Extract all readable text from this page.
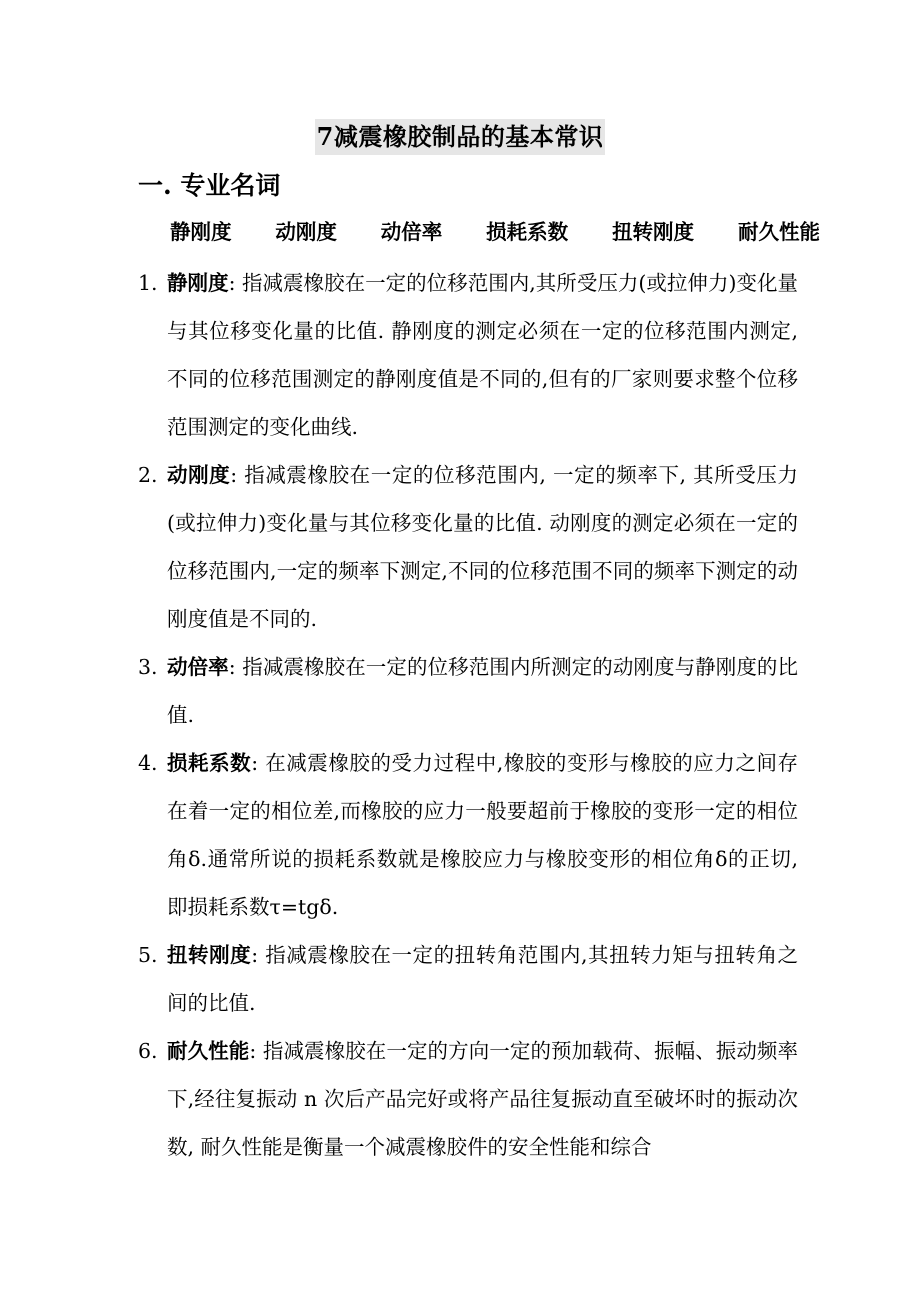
7减震橡胶制品的基本常识
一. 专业名词
静刚度 动刚度 动倍率 损耗系数 扭转刚度 耐久性能
1. 静刚度: 指减震橡胶在一定的位移范围内,其所受压力(或拉伸力)变化量与其位移变化量的比值. 静刚度的测定必须在一定的位移范围内测定,不同的位移范围测定的静刚度值是不同的,但有的厂家则要求整个位移范围测定的变化曲线.
2. 动刚度: 指减震橡胶在一定的位移范围内, 一定的频率下, 其所受压力(或拉伸力)变化量与其位移变化量的比值. 动刚度的测定必须在一定的位移范围内,一定的频率下测定,不同的位移范围不同的频率下测定的动刚度值是不同的.
3. 动倍率: 指减震橡胶在一定的位移范围内所测定的动刚度与静刚度的比值.
4. 损耗系数: 在减震橡胶的受力过程中,橡胶的变形与橡胶的应力之间存在着一定的相位差,而橡胶的应力一般要超前于橡胶的变形一定的相位角δ.通常所说的损耗系数就是橡胶应力与橡胶变形的相位角δ的正切,即损耗系数τ=tgδ.
5. 扭转刚度: 指减震橡胶在一定的扭转角范围内,其扭转力矩与扭转角之间的比值.
6. 耐久性能: 指减震橡胶在一定的方向一定的预加载荷、振幅、振动频率下,经往复振动 n 次后产品完好或将产品往复振动直至破坏时的振动次数, 耐久性能是衡量一个减震橡胶件的安全性能和综合
